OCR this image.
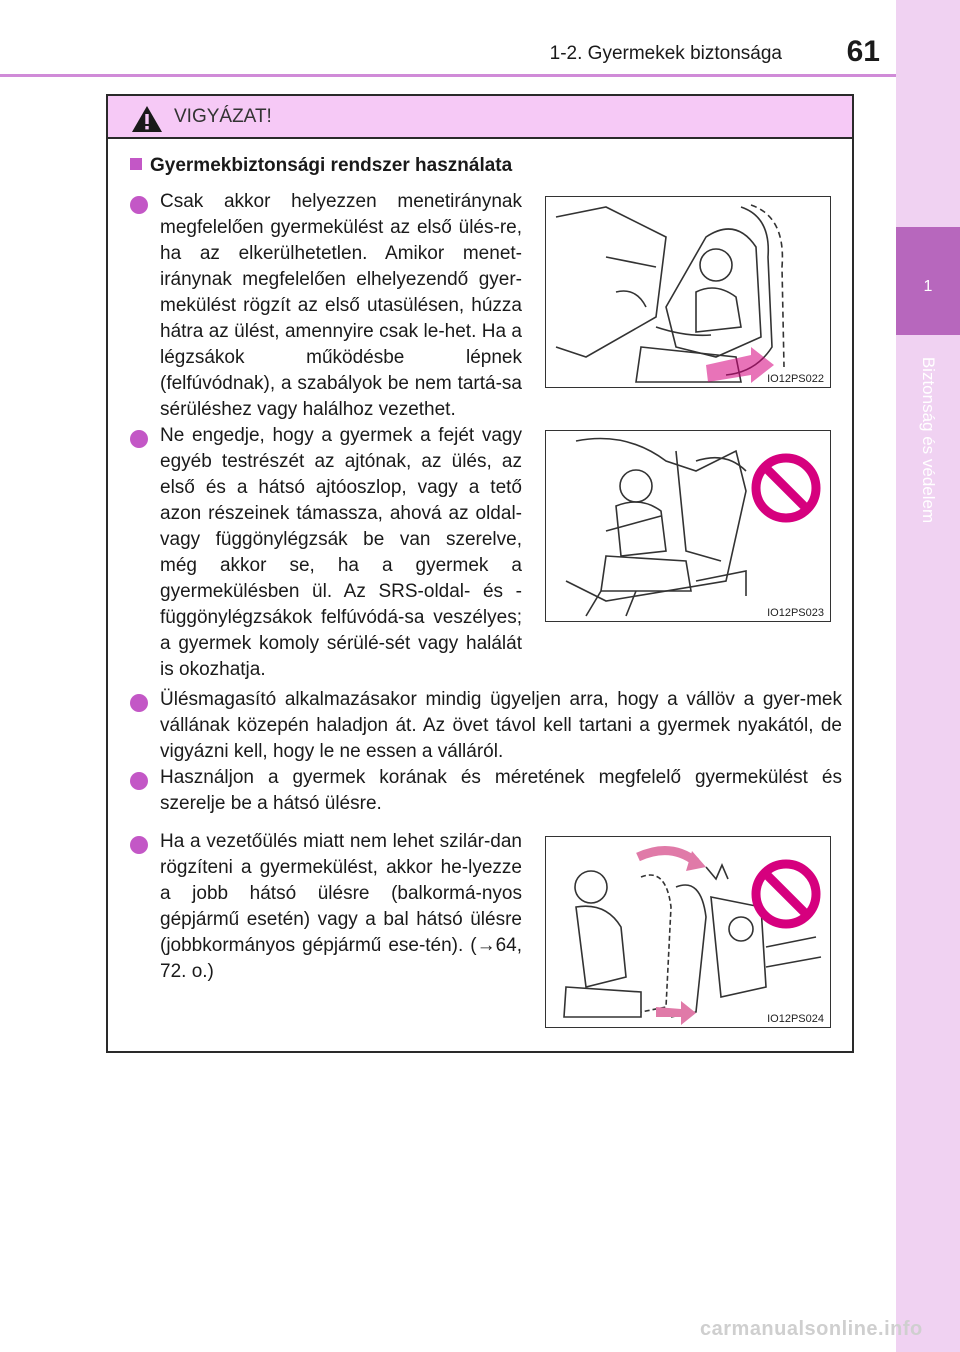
1-2. Gyermekek biztonsága	61
1
Biztonság és védelem
VIGYÁZAT!
Gyermekbiztonsági rendszer használata
Csak akkor helyezzen menetiránynak megfelelően gyermekülést az első ülés-re, ha az elkerülhetetlen. Amikor menet-iránynak megfelelően elhelyezendő gyer-mekülést rögzít az első utasülésen, húzza hátra az ülést, amennyire csak le-het. Ha a légzsákok működésbe lépnek (felfúvódnak), a szabályok be nem tartá-sa sérüléshez vagy halálhoz vezethet.
IO12PS022
Ne engedje, hogy a gyermek a fejét vagy egyéb testrészét az ajtónak, az ülés, az első és a hátsó ajtóoszlop, vagy a tető azon részeinek támassza, ahová az oldal- vagy függönylégzsák be van szerelve, még akkor se, ha a gyermek a gyermekülésben ül. Az SRS-oldal- és -függönylégzsákok felfúvódá-sa veszélyes; a gyermek komoly sérülé-sét vagy halálát is okozhatja.
IO12PS023
Ülésmagasító alkalmazásakor mindig ügyeljen arra, hogy a vállöv a gyer-mek vállának közepén haladjon át. Az övet távol kell tartani a gyermek nyakától, de vigyázni kell, hogy le ne essen a válláról.
Használjon a gyermek korának és méretének megfelelő gyermekülést és szerelje be a hátsó ülésre.
Ha a vezetőülés miatt nem lehet szilár-dan rögzíteni a gyermekülést, akkor he-lyezze a jobb hátsó ülésre (balkormá-nyos gépjármű esetén) vagy a bal hátsó ülésre (jobbkormányos gépjármű ese-tén). (→64, 72. o.)
IO12PS024
carmanualsonline.info
